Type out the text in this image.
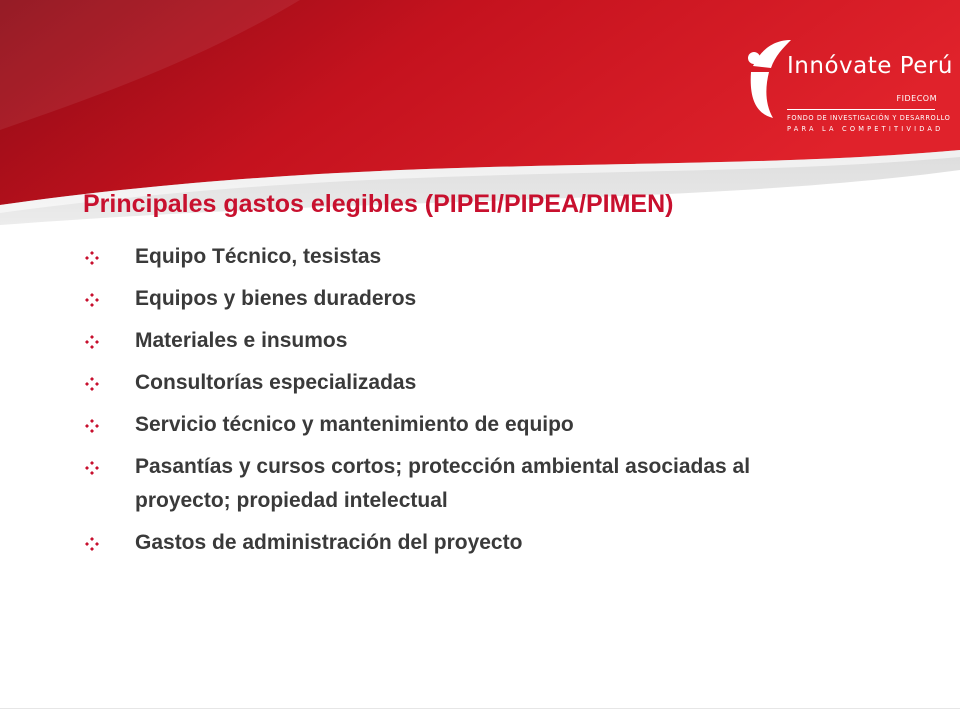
Innóvate Perú
FIDECOM
FONDO DE INVESTIGACIÓN Y DESARROLLO
PARA LA COMPETITIVIDAD
Principales gastos elegibles (PIPEI/PIPEA/PIMEN)
Equipo Técnico, tesistas
Equipos y bienes duraderos
Materiales e insumos
Consultorías especializadas
Servicio técnico y mantenimiento de equipo
Pasantías y cursos cortos; protección ambiental asociadas al proyecto; propiedad intelectual
Gastos de administración del proyecto
